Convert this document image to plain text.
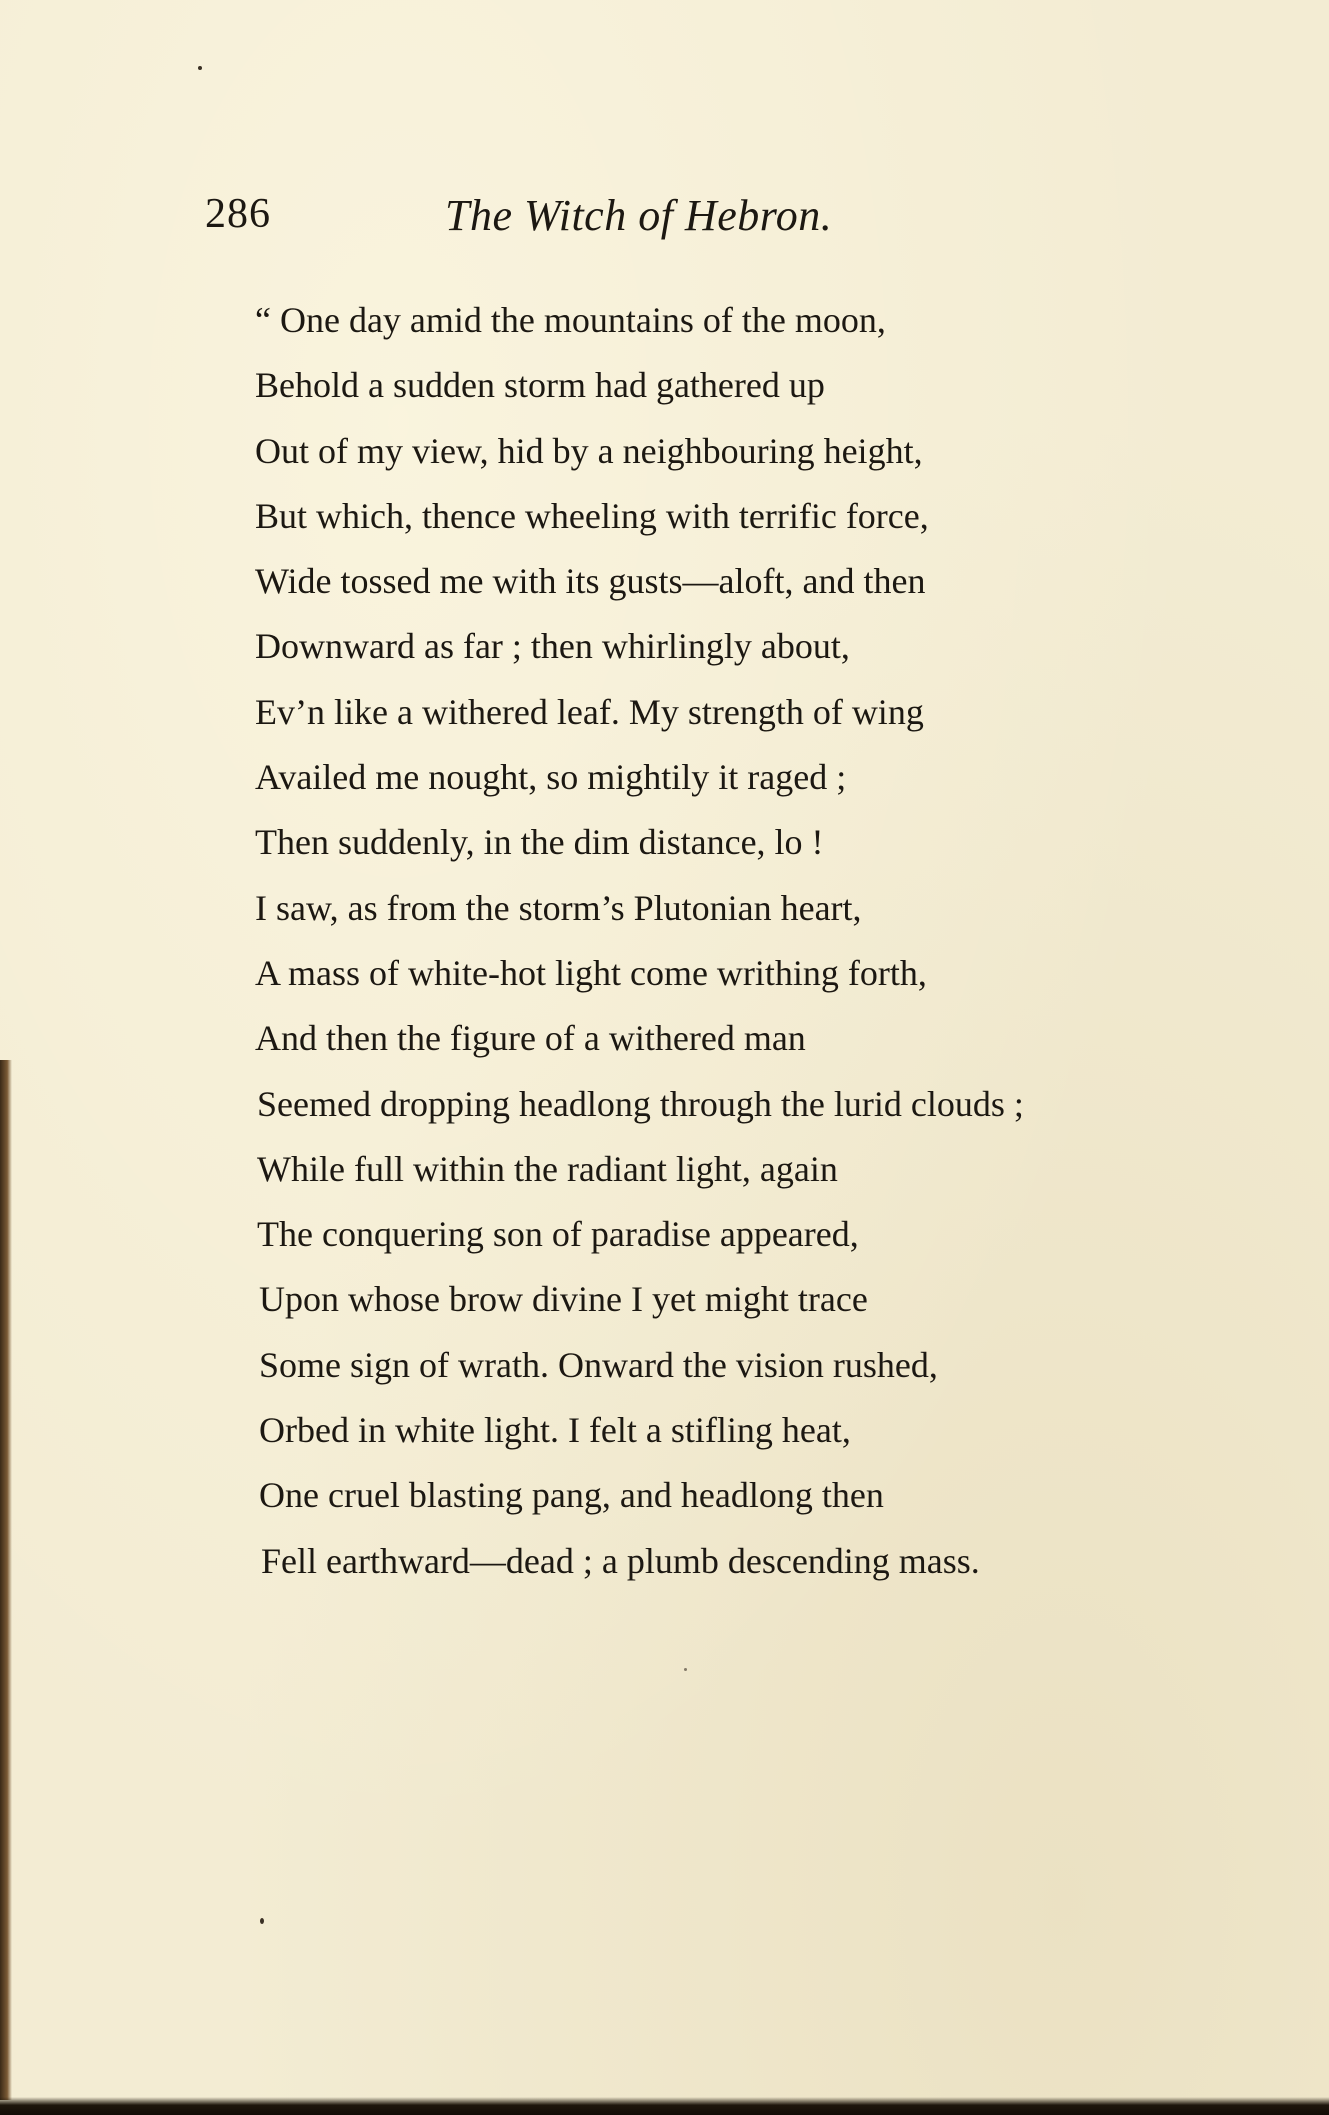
286	The Witch of Hebron.
“ One day amid the mountains of the moon,
Behold a sudden storm had gathered up
Out of my view, hid by a neighbouring height,
But which, thence wheeling with terrific force,
Wide tossed me with its gusts—aloft, and then
Downward as far ; then whirlingly about,
Ev’n like a withered leaf. My strength of wing
Availed me nought, so mightily it raged ;
Then suddenly, in the dim distance, lo !
I saw, as from the storm’s Plutonian heart,
A mass of white-hot light come writhing forth,
And then the figure of a withered man
Seemed dropping headlong through the lurid clouds ;
While full within the radiant light, again
The conquering son of paradise appeared,
Upon whose brow divine I yet might trace
Some sign of wrath. Onward the vision rushed,
Orbed in white light. I felt a stifling heat,
One cruel blasting pang, and headlong then
Fell earthward—dead ; a plumb descending mass.
